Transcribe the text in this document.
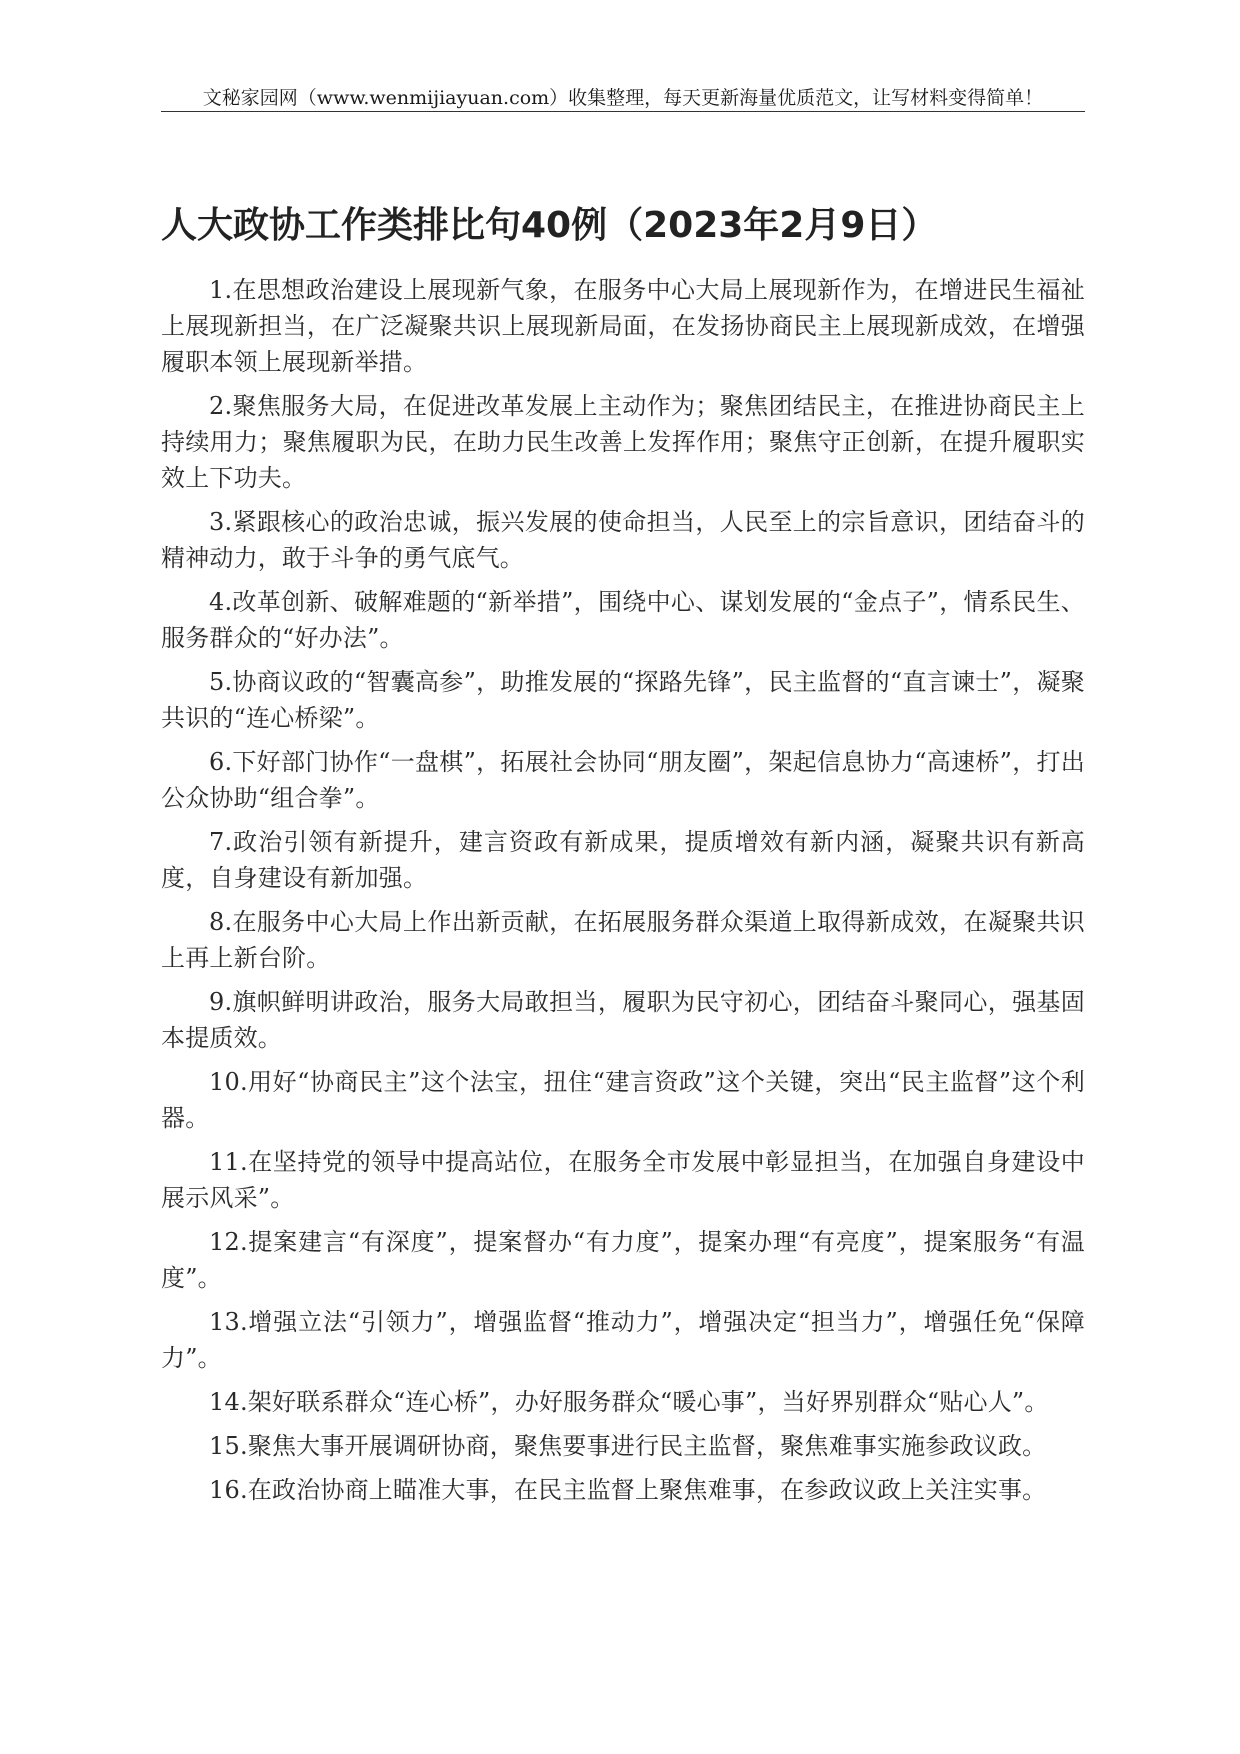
文秘家园网（www.wenmijiayuan.com）收集整理，每天更新海量优质范文，让写材料变得简单！
人大政协工作类排比句40例（2023年2月9日）

1.在思想政治建设上展现新气象，在服务中心大局上展现新作为，在增进民生福祉上展现新担当，在广泛凝聚共识上展现新局面，在发扬协商民主上展现新成效，在增强履职本领上展现新举措。

2.聚焦服务大局，在促进改革发展上主动作为；聚焦团结民主，在推进协商民主上持续用力；聚焦履职为民，在助力民生改善上发挥作用；聚焦守正创新，在提升履职实效上下功夫。

3.紧跟核心的政治忠诚，振兴发展的使命担当，人民至上的宗旨意识，团结奋斗的精神动力，敢于斗争的勇气底气。

4.改革创新、破解难题的“新举措”，围绕中心、谋划发展的“金点子”，情系民生、服务群众的“好办法”。

5.协商议政的“智囊高参”，助推发展的“探路先锋”，民主监督的“直言谏士”，凝聚共识的“连心桥梁”。

6.下好部门协作“一盘棋”，拓展社会协同“朋友圈”，架起信息协力“高速桥”，打出公众协助“组合拳”。

7.政治引领有新提升，建言资政有新成果，提质增效有新内涵，凝聚共识有新高度，自身建设有新加强。

8.在服务中心大局上作出新贡献，在拓展服务群众渠道上取得新成效，在凝聚共识上再上新台阶。

9.旗帜鲜明讲政治，服务大局敢担当，履职为民守初心，团结奋斗聚同心，强基固本提质效。

10.用好“协商民主”这个法宝，扭住“建言资政”这个关键，突出“民主监督”这个利器。

11.在坚持党的领导中提高站位，在服务全市发展中彰显担当，在加强自身建设中展示风采”。

12.提案建言“有深度”，提案督办“有力度”，提案办理“有亮度”，提案服务“有温度”。

13.增强立法“引领力”，增强监督“推动力”，增强决定“担当力”，增强任免“保障力”。

14.架好联系群众“连心桥”，办好服务群众“暖心事”，当好界别群众“贴心人”。

15.聚焦大事开展调研协商，聚焦要事进行民主监督，聚焦难事实施参政议政。

16.在政治协商上瞄准大事，在民主监督上聚焦难事，在参政议政上关注实事。
